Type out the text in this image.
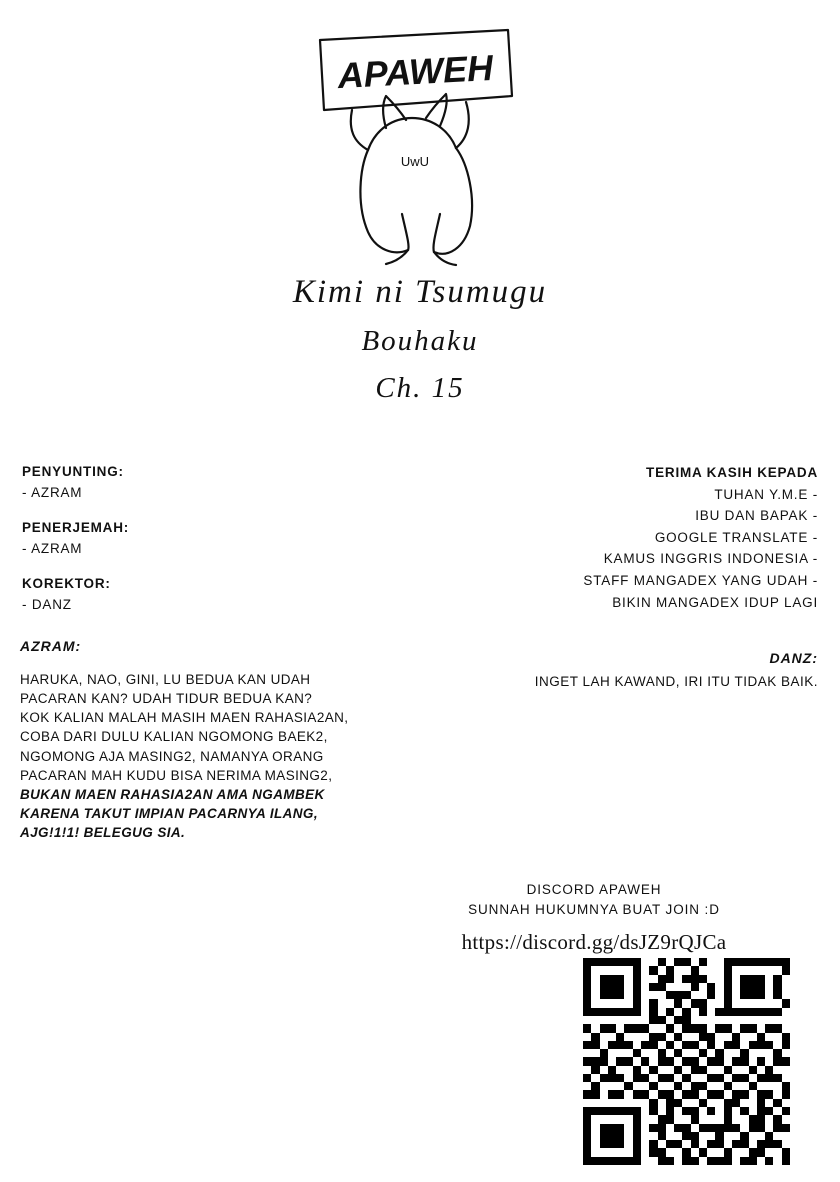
UwU
APAWEH
Kimi ni Tsumugu
Bouhaku
Ch. 15
PENYUNTING:
- AZRAM
PENERJEMAH:
- AZRAM
KOREKTOR:
- DANZ
TERIMA KASIH KEPADA
TUHAN Y.M.E -
IBU DAN BAPAK -
GOOGLE TRANSLATE -
KAMUS INGGRIS INDONESIA -
STAFF MANGADEX YANG UDAH -
BIKIN MANGADEX IDUP LAGI
AZRAM:
HARUKA, NAO, GINI, LU BEDUA KAN UDAH
PACARAN KAN? UDAH TIDUR BEDUA KAN?
KOK KALIAN MALAH MASIH MAEN RAHASIA2AN,
COBA DARI DULU KALIAN NGOMONG BAEK2,
NGOMONG AJA MASING2, NAMANYA ORANG
PACARAN MAH KUDU BISA NERIMA MASING2,
BUKAN MAEN RAHASIA2AN AMA NGAMBEK
KARENA TAKUT IMPIAN PACARNYA ILANG,
AJG!1!1! BELEGUG SIA.
DANZ:
INGET LAH KAWAND, IRI ITU TIDAK BAIK.
DISCORD APAWEH
SUNNAH HUKUMNYA BUAT JOIN :D
https://discord.gg/dsJZ9rQJCa
